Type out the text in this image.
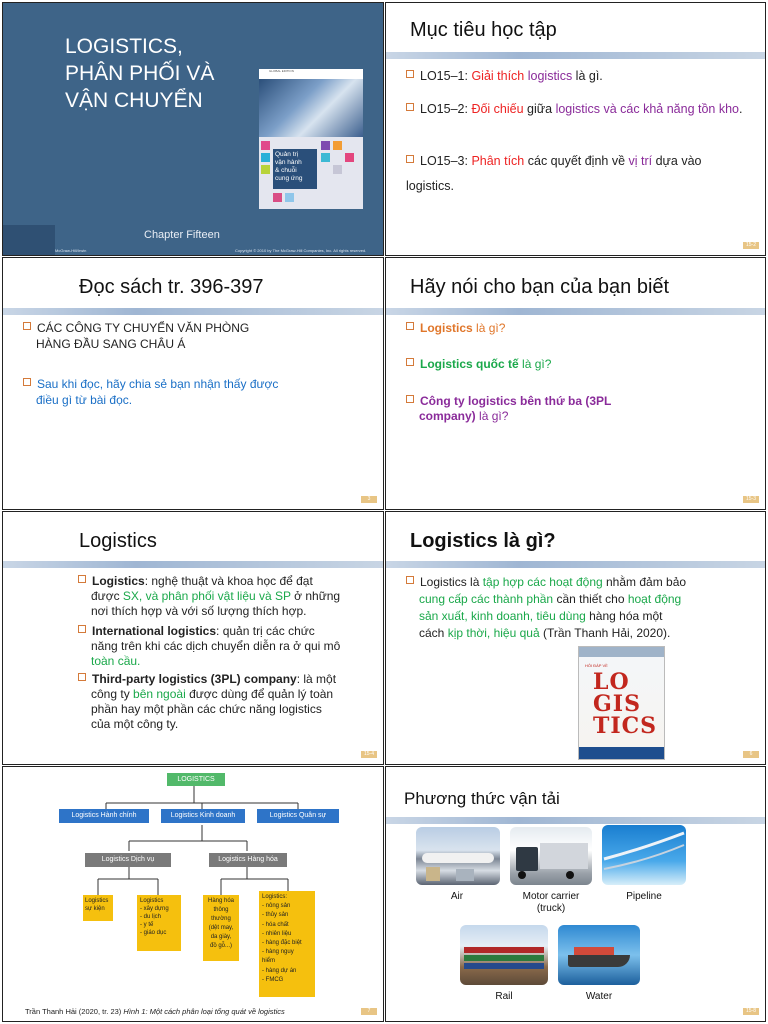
LOGISTICS,
PHÂN PHỐI VÀ
VẬN CHUYỂN
GLOBAL EDITION
Quản trị
vận hành
& chuỗi
cung ứng
Chapter Fifteen
McGraw-Hill/Irwin	Copyright © 2010 by The McGraw-Hill Companies, Inc. All rights reserved.
Mục tiêu học tập
LO15–1: Giải thích logistics là gì.
LO15–2: Đối chiếu giữa logistics và các khả năng tồn kho.
LO15–3: Phân tích các quyết định về vị trí dựa vào logistics.
15-2
Đọc sách tr. 396-397
CÁC CÔNG TY CHUYỂN VĂN PHÒNG
HÀNG ĐẦU SANG CHÂU Á
Sau khi đọc, hãy chia sẻ bạn nhận thấy được
điều gì từ bài đọc.
3
Hãy nói cho bạn của bạn biết
Logistics là gì?
Logistics quốc tế là gì?
Công ty logistics bên thứ ba (3PL
company) là gì?
15-3
Logistics
Logistics: nghệ thuật và khoa học để đạt
được SX, và phân phối vật liệu và SP ở những
nơi thích hợp và với số lượng thích hợp.
International logistics: quản trị các chức
năng trên khi các dịch chuyển diễn ra ở qui mô
toàn cầu.
Third-party logistics (3PL) company: là một
công ty bên ngoài được dùng để quản lý toàn
phần hay một phần các chức năng logistics
của một công ty.
15-4
Logistics là gì?
Logistics là tập hợp các hoạt động nhằm đảm bảo
cung cấp các thành phần cần thiết cho hoạt động
sản xuất, kinh doanh, tiêu dùng hàng hóa một
cách kịp thời, hiệu quả (Trần Thanh Hải, 2020).
HỎI ĐÁP VỀ
LO
GIS
TICS
6
LOGISTICS
Logistics Hành chính	Logistics Kinh doanh	Logistics Quân sự
Logistics Dịch vụ	Logistics Hàng hóa
Logistics
sự kiện
Logistics
- xây dựng
- du lịch
- y tế
- giáo dục
Hàng hóa
thông
thường
(dệt may,
da giày,
đồ gỗ...)
Logistics:
- nông sản
- thủy sản
- hóa chất
- nhiên liệu
- hàng đặc biệt
- hàng nguy
hiểm
- hàng dự án
- FMCG
Trần Thanh Hải (2020, tr. 23) Hình 1: Một cách phân loại tổng quát về logistics	7
Phương thức vận tải
Air	Motor carrier
(truck)
Pipeline
Rail	Water
15-8
